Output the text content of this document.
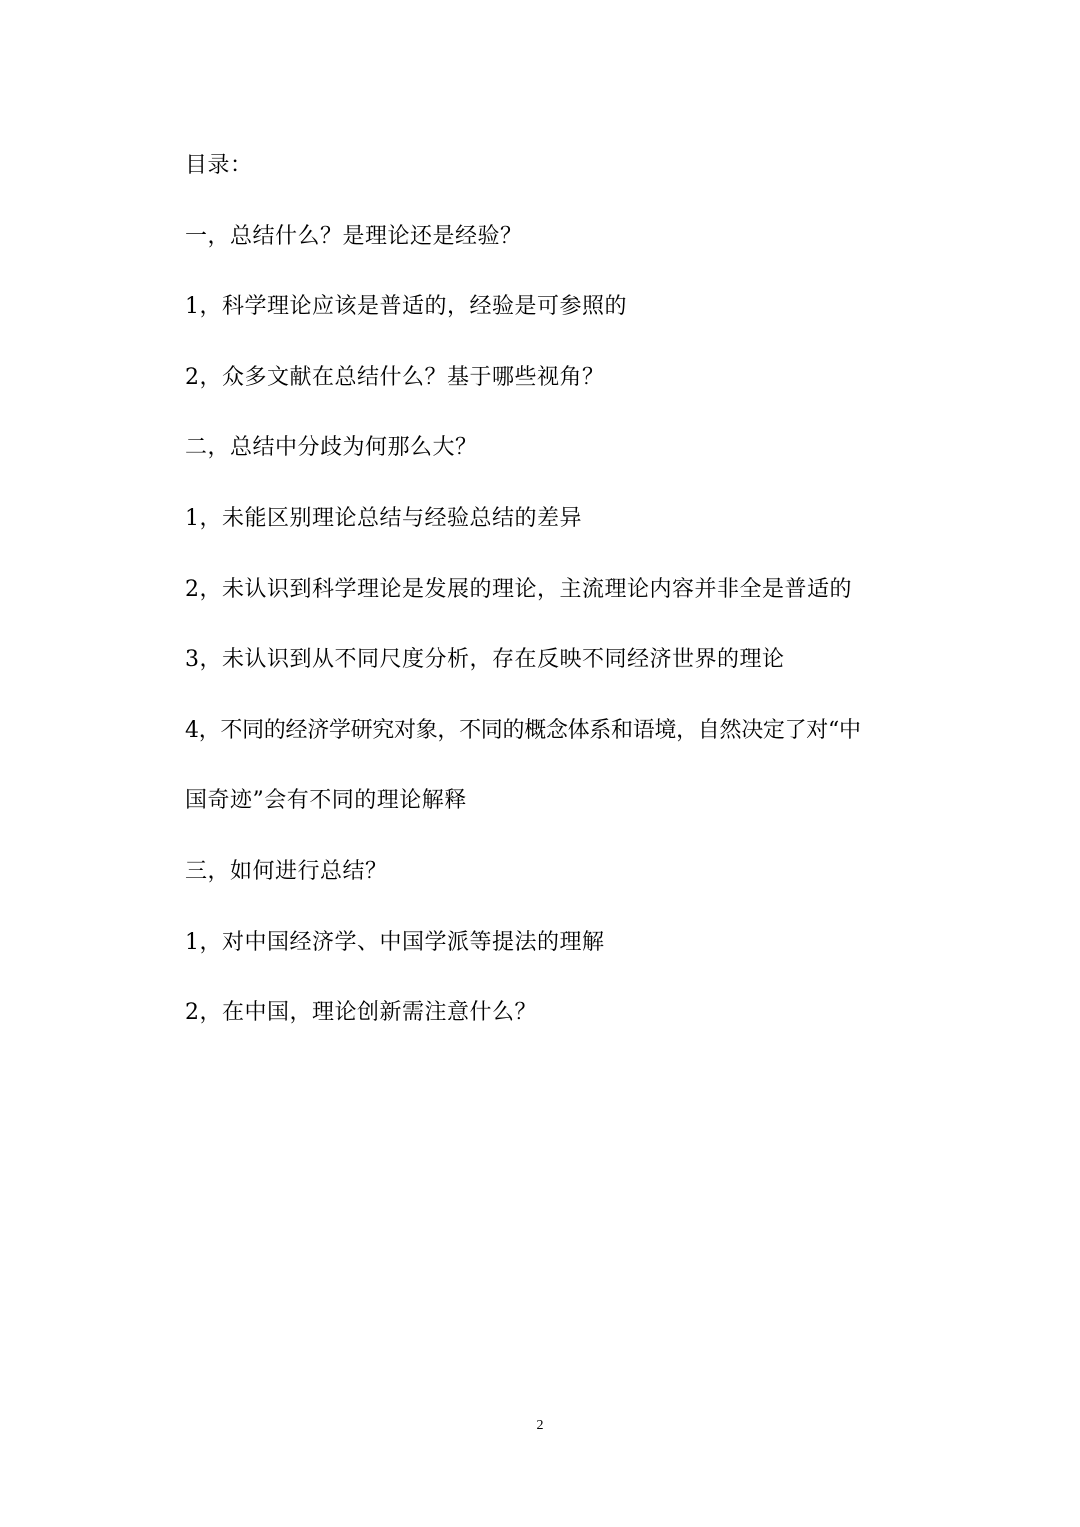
目录：
一，总结什么？是理论还是经验？
1，科学理论应该是普适的，经验是可参照的
2，众多文献在总结什么？基于哪些视角？
二，总结中分歧为何那么大？
1，未能区别理论总结与经验总结的差异
2，未认识到科学理论是发展的理论，主流理论内容并非全是普适的
3，未认识到从不同尺度分析，存在反映不同经济世界的理论
4，不同的经济学研究对象，不同的概念体系和语境，自然决定了对“中
国奇迹”会有不同的理论解释
三，如何进行总结？
1，对中国经济学、中国学派等提法的理解
2，在中国，理论创新需注意什么？
2
